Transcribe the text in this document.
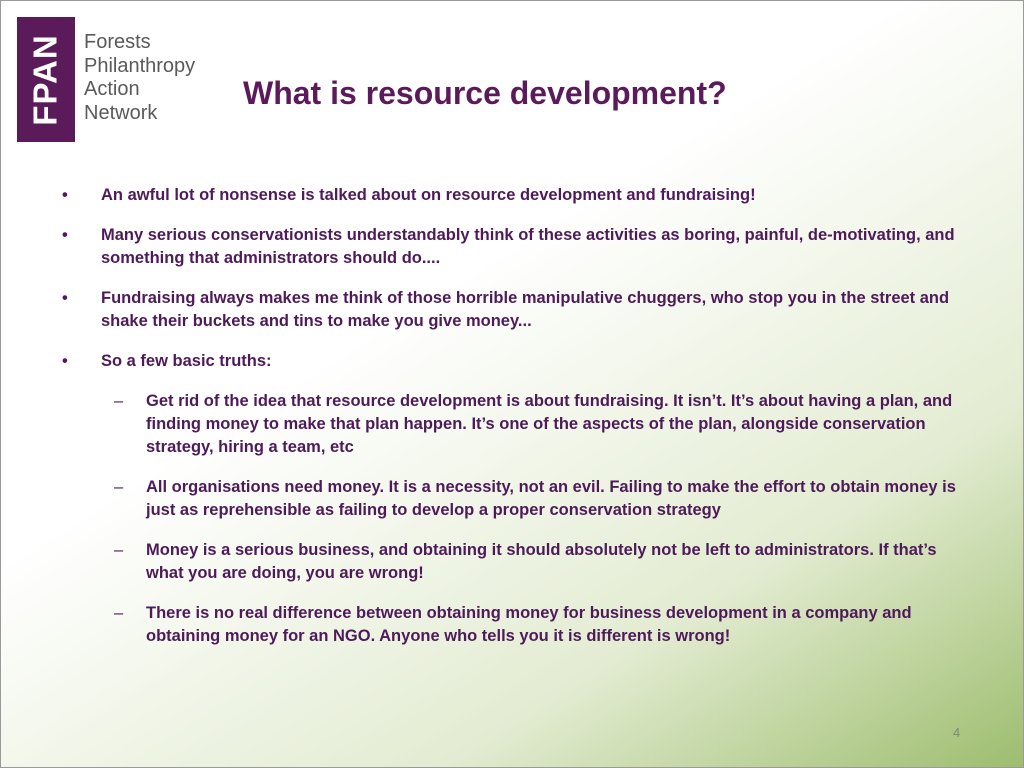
FPAN Forests
Philanthropy
Action
Network
What is resource development?
•	An awful lot of nonsense is talked about on resource development and fundraising!
•	Many serious conservationists understandably think of these activities as boring, painful, de-motivating, and something that administrators should do....
•	Fundraising always makes me think of those horrible manipulative chuggers, who stop you in the street and shake their buckets and tins to make you give money...
•	So a few basic truths:
–	Get rid of the idea that resource development is about fundraising. It isn’t. It’s about having a plan, and finding money to make that plan happen. It’s one of the aspects of the plan, alongside conservation strategy, hiring a team, etc
–	All organisations need money. It is a necessity, not an evil. Failing to make the effort to obtain money is just as reprehensible as failing to develop a proper conservation strategy
–	Money is a serious business, and obtaining it should absolutely not be left to administrators. If that’s what you are doing, you are wrong!
–	There is no real difference between obtaining money for business development in a company and obtaining money for an NGO. Anyone who tells you it is different is wrong!
4
